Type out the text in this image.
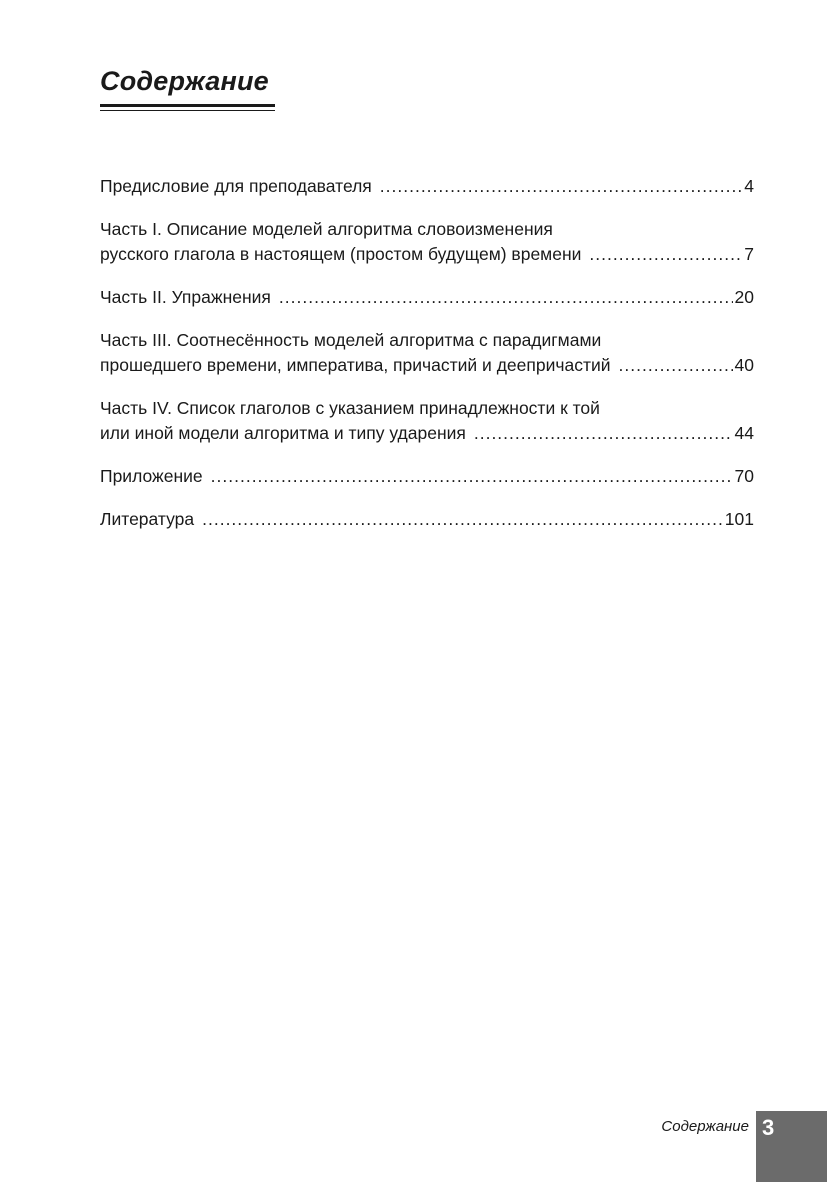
Содержание
Предисловие для преподавателя .....	4
Часть I. Описание моделей алгоритма словоизменения
русского глагола в настоящем (простом будущем) времени .....	7
Часть II. Упражнения .....	20
Часть III. Соотнесённость моделей алгоритма с парадигмами
прошедшего времени, императива, причастий и деепричастий .....	40
Часть IV. Список глаголов с указанием принадлежности к той
или иной модели алгоритма и типу ударения .....	44
Приложение .....	70
Литература .....	101
Содержание 3
